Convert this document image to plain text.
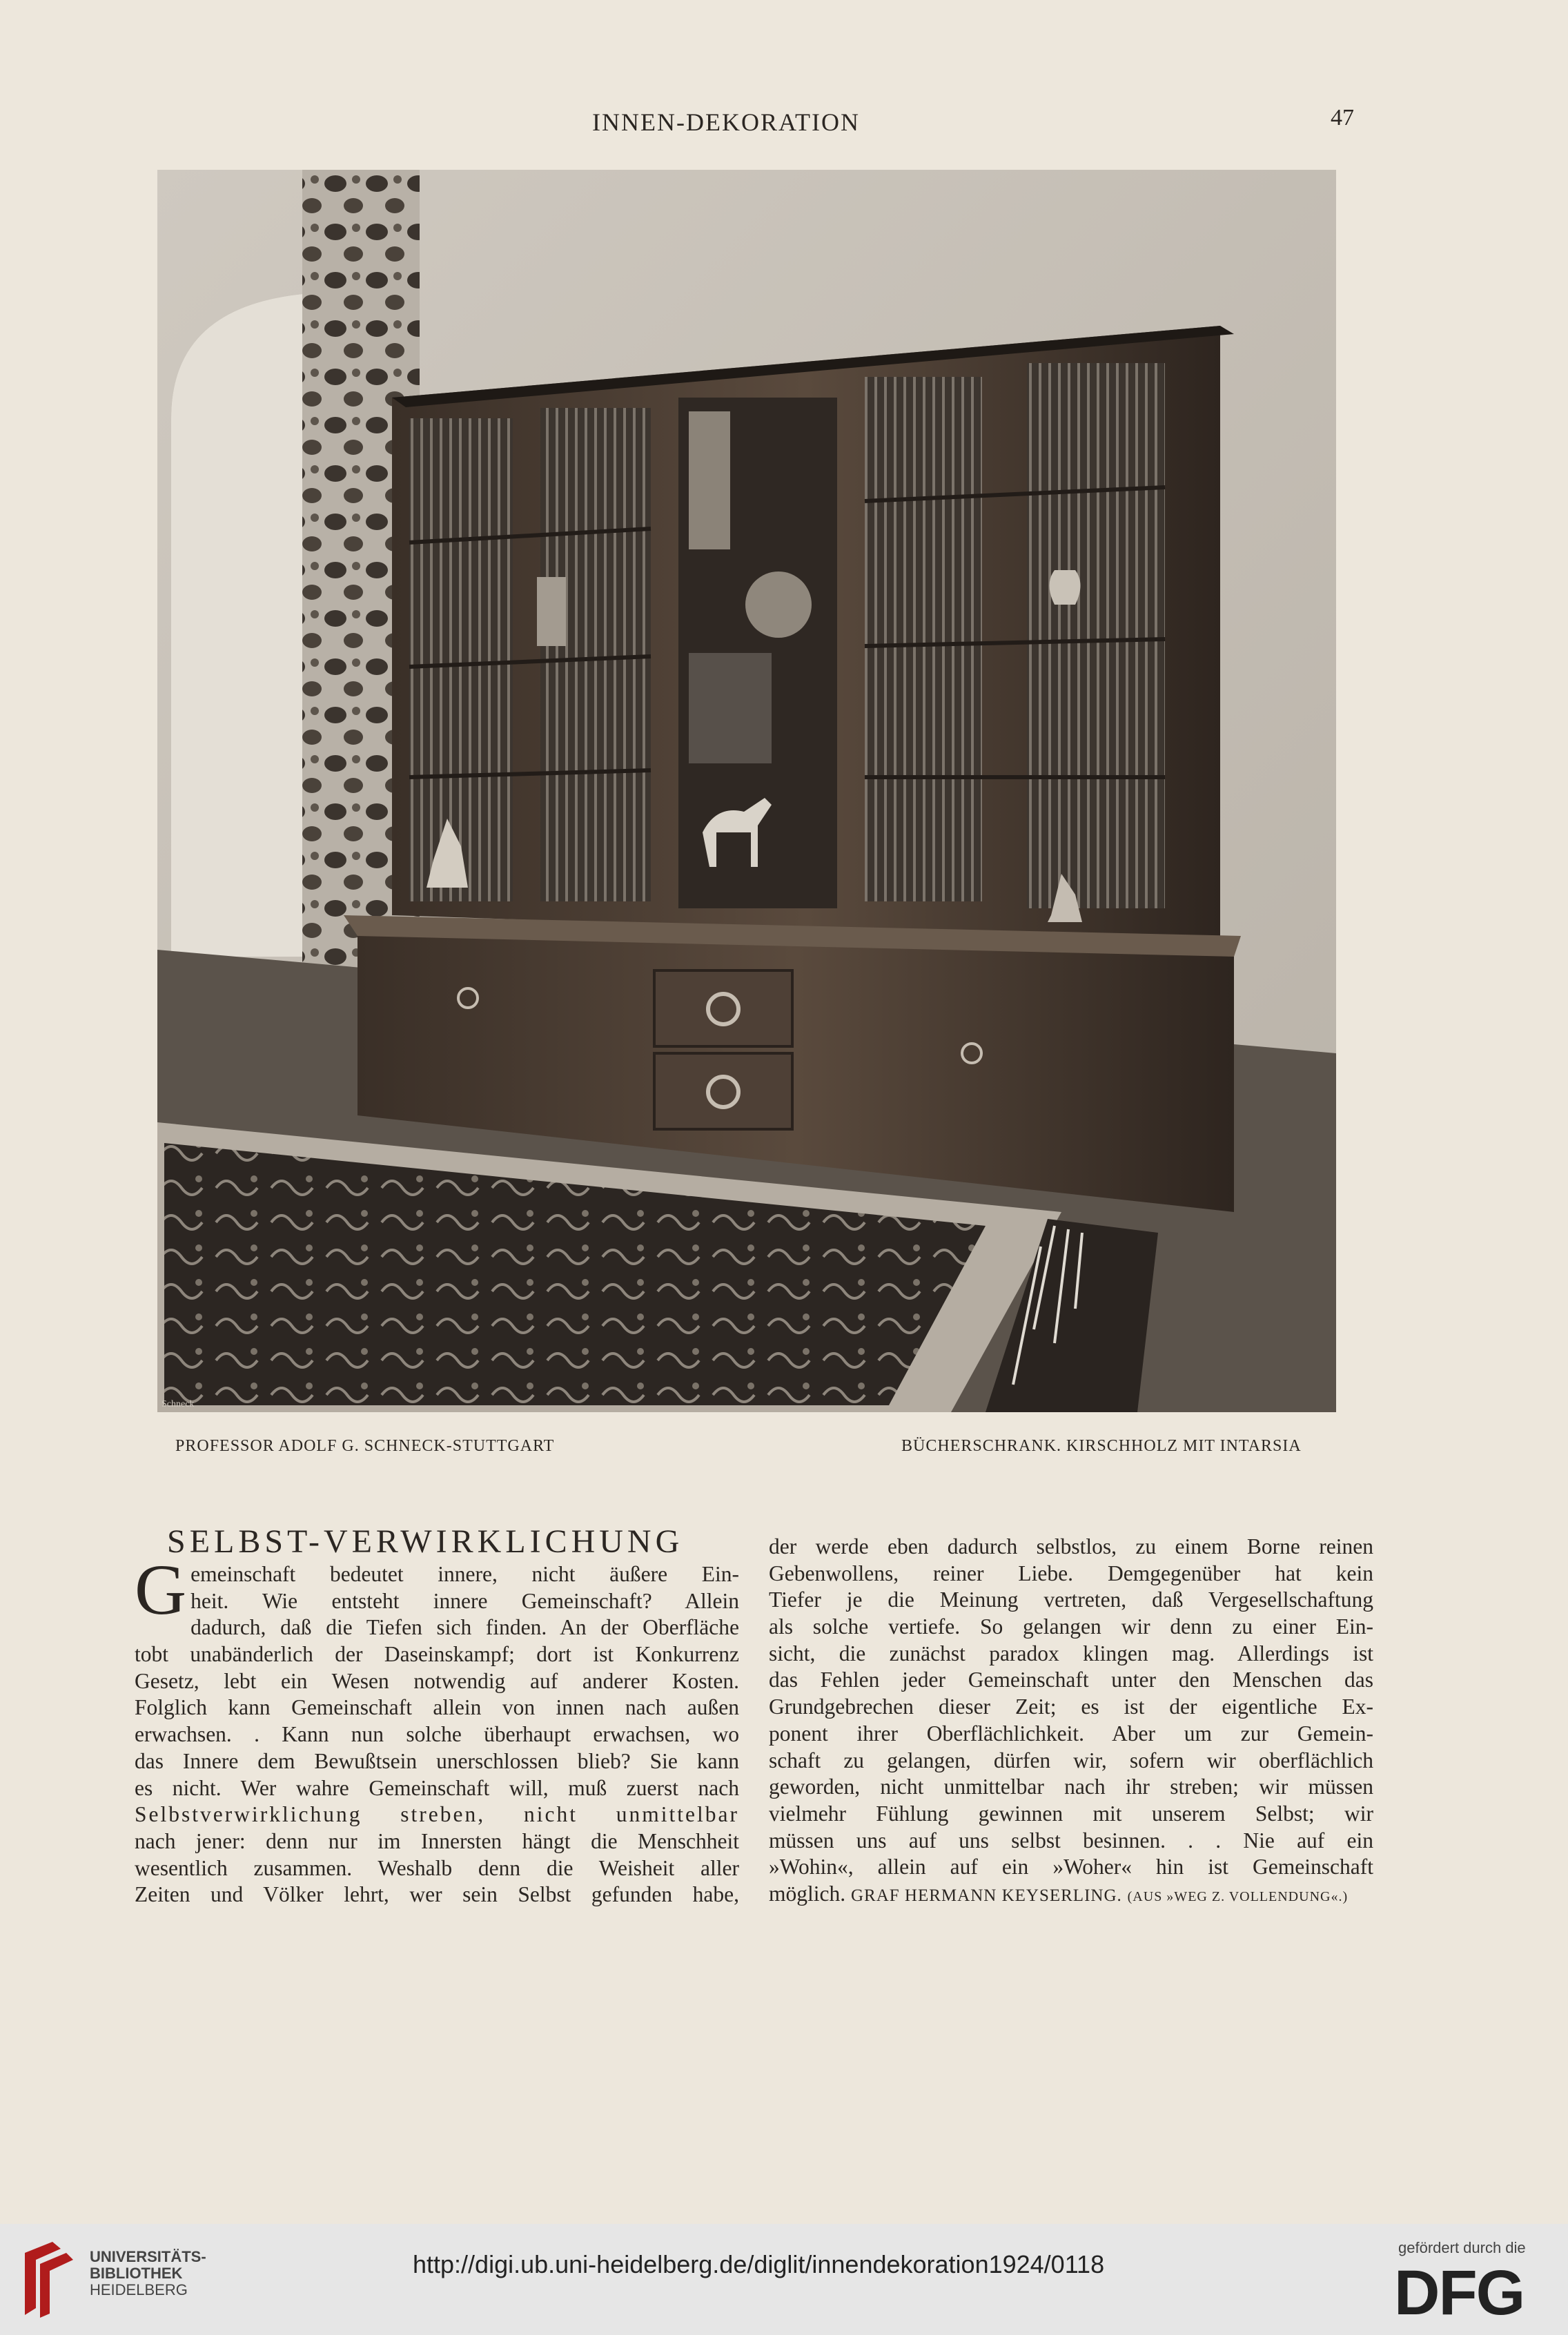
INNEN-DEKORATION	47
Schneck
PROFESSOR ADOLF G. SCHNECK-STUTTGART	BÜCHERSCHRANK. KIRSCHHOLZ MIT INTARSIA
SELBST-VERWIRKLICHUNG
G emeinschaft bedeutet innere, nicht äußere Ein-
heit. Wie entsteht innere Gemeinschaft? Allein
dadurch, daß die Tiefen sich finden. An der Oberfläche
tobt unabänderlich der Daseinskampf; dort ist Konkurrenz
Gesetz, lebt ein Wesen notwendig auf anderer Kosten.
Folglich kann Gemeinschaft allein von innen nach außen
erwachsen. . Kann nun solche überhaupt erwachsen, wo
das Innere dem Bewußtsein unerschlossen blieb? Sie kann
es nicht. Wer wahre Gemeinschaft will, muß zuerst nach
Selbstverwirklichung streben, nicht unmittelbar
nach jener: denn nur im Innersten hängt die Menschheit
wesentlich zusammen. Weshalb denn die Weisheit aller
Zeiten und Völker lehrt, wer sein Selbst gefunden habe,
der werde eben dadurch selbstlos, zu einem Borne reinen
Gebenwollens, reiner Liebe. Demgegenüber hat kein
Tiefer je die Meinung vertreten, daß Vergesellschaftung
als solche vertiefe. So gelangen wir denn zu einer Ein-
sicht, die zunächst paradox klingen mag. Allerdings ist
das Fehlen jeder Gemeinschaft unter den Menschen das
Grundgebrechen dieser Zeit; es ist der eigentliche Ex-
ponent ihrer Oberflächlichkeit. Aber um zur Gemein-
schaft zu gelangen, dürfen wir, sofern wir oberflächlich
geworden, nicht unmittelbar nach ihr streben; wir müssen
vielmehr Fühlung gewinnen mit unserem Selbst; wir
müssen uns auf uns selbst besinnen. . . Nie auf ein
»Wohin«, allein auf ein »Woher« hin ist Gemeinschaft
möglich. GRAF HERMANN KEYSERLING. (AUS »WEG Z. VOLLENDUNG«.)
UNIVERSITÄTS-
BIBLIOTHEK
HEIDELBERG
http://digi.ub.uni-heidelberg.de/diglit/innendekoration1924/0118
gefördert durch die
DFG
